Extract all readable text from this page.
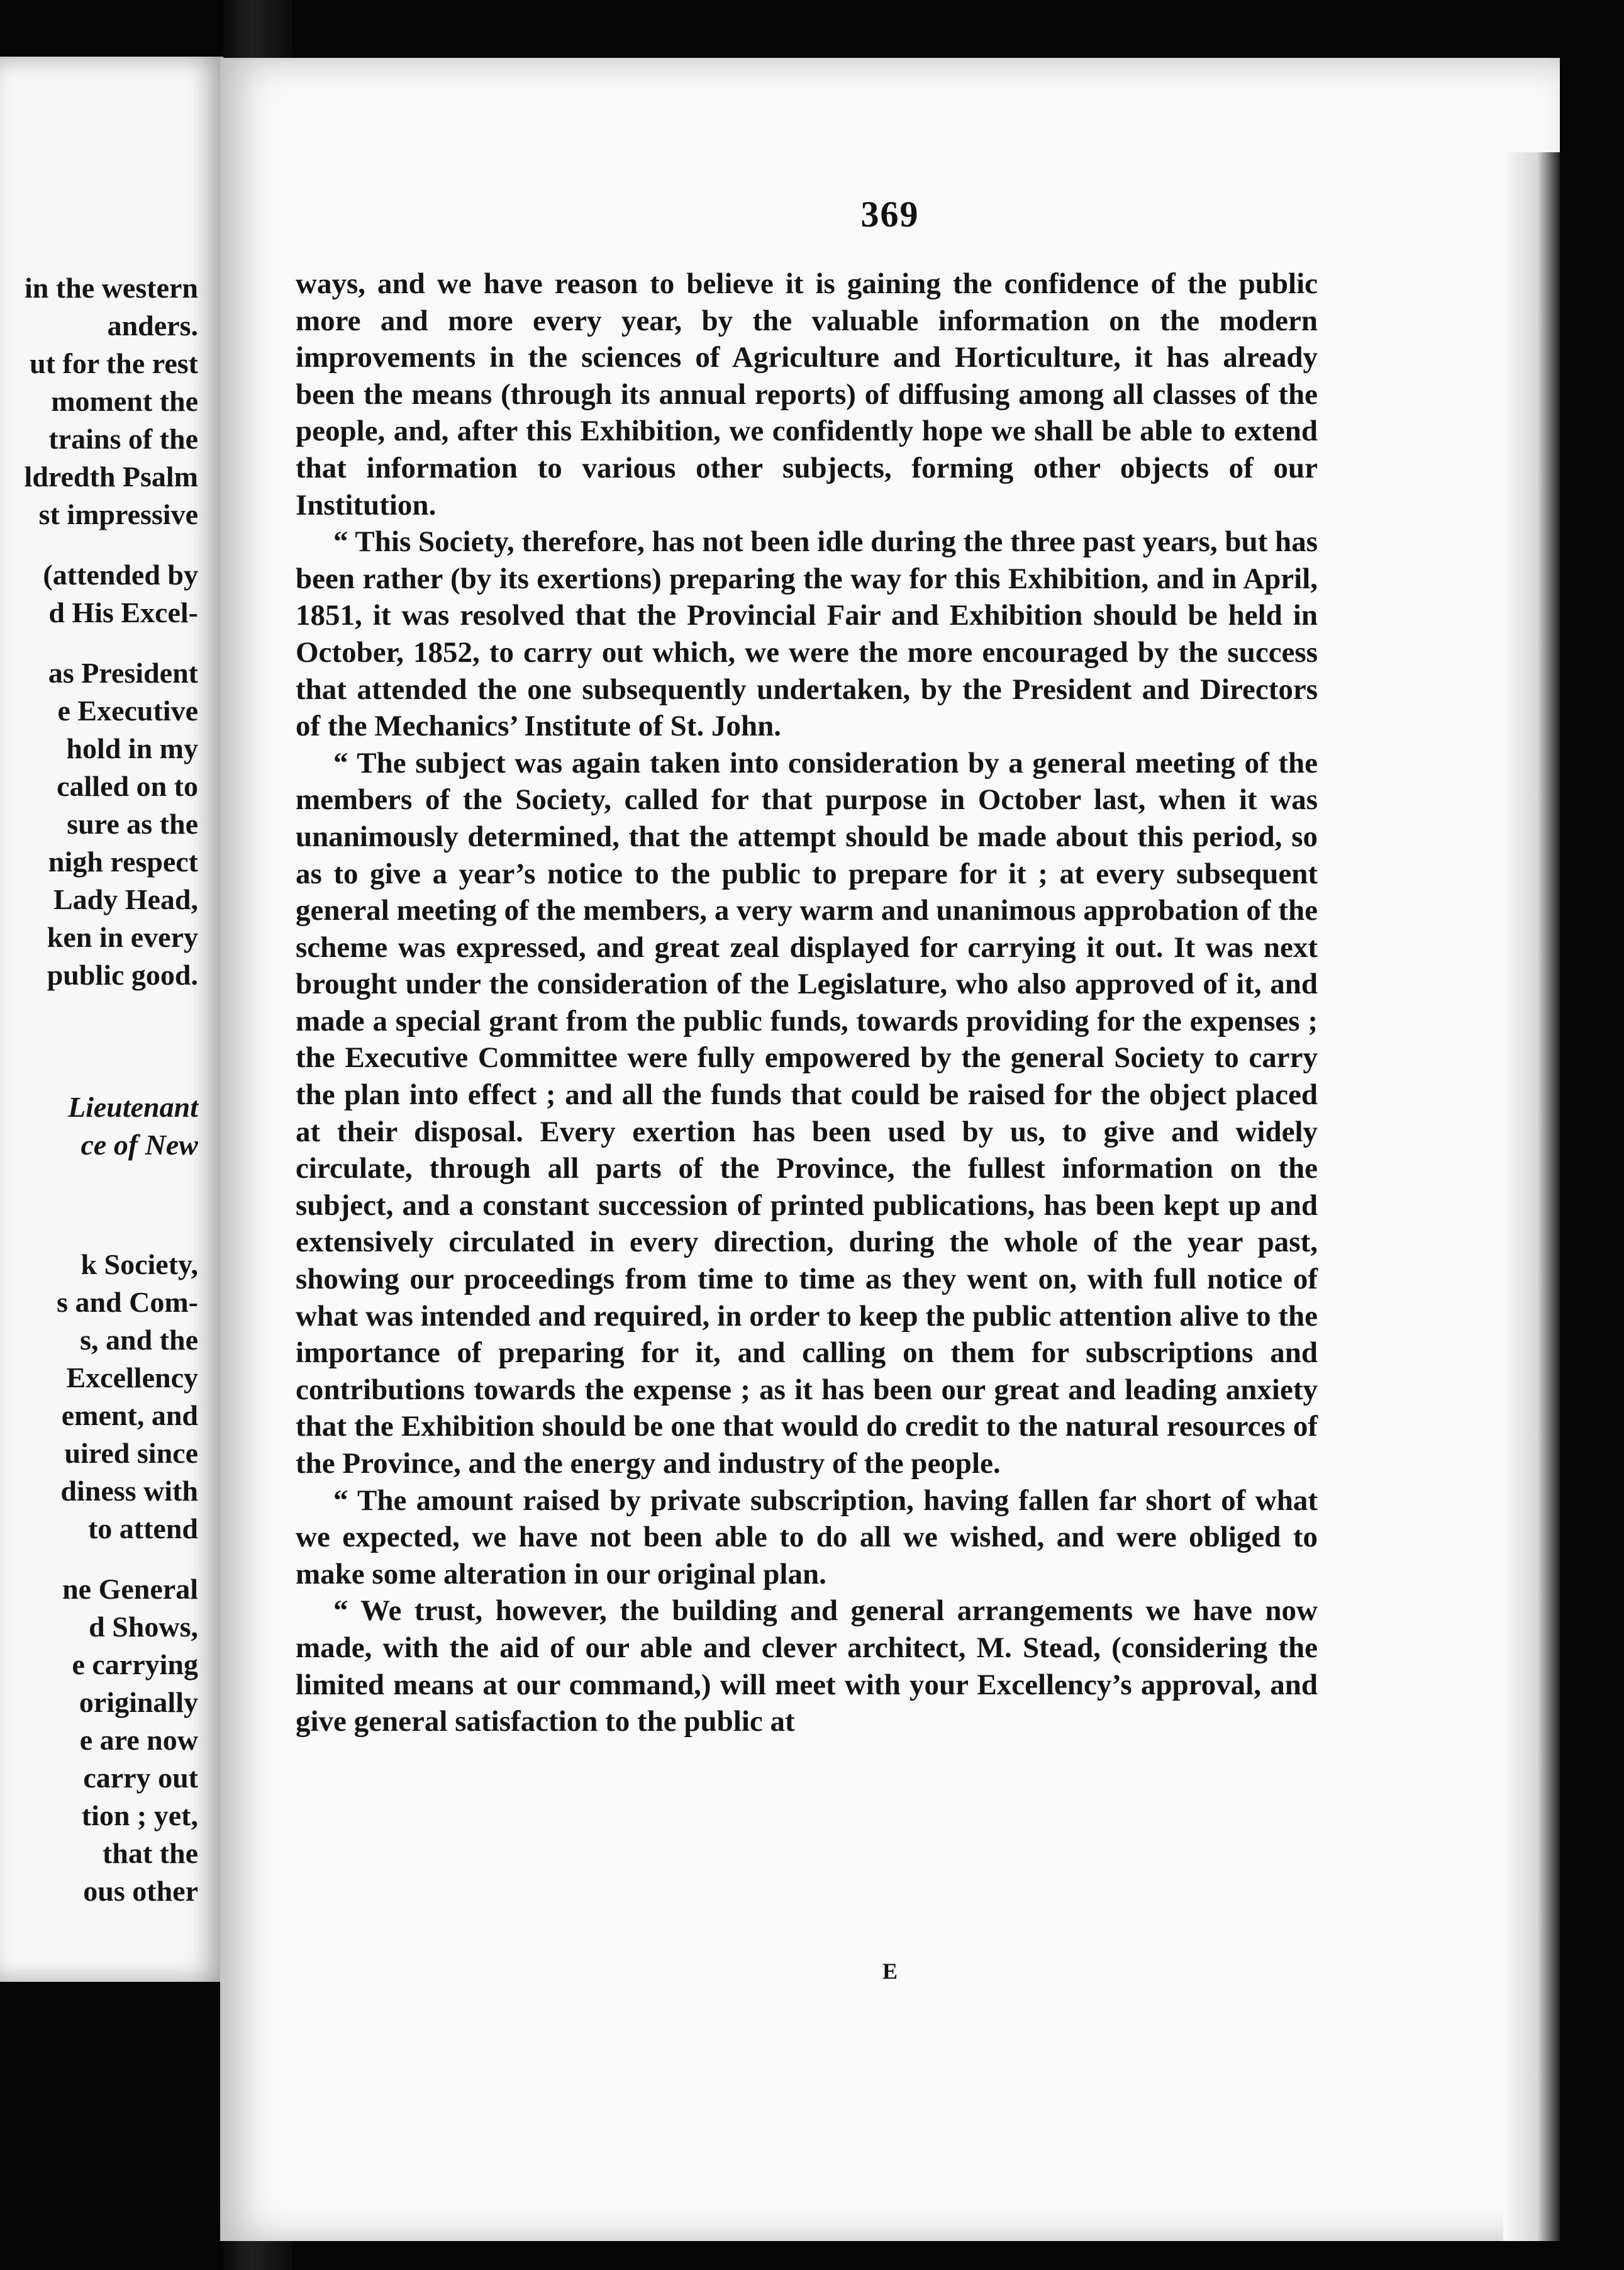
in the western
anders.
ut for the rest
moment the
trains of the
ldredth Psalm
st impressive
(attended by
d His Excel-
as President
e Executive
hold in my
called on to
sure as the
nigh respect
Lady Head,
ken in every
public good.
Lieutenant
ce of New
k Society,
s and Com-
s, and the
Excellency
ement, and
uired since
diness with
to attend
ne General
d Shows,
e carrying
originally
e are now
carry out
tion ; yet,
that the
ous other
369

ways, and we have reason to believe it is gaining the confidence of the public more and more every year, by the valuable information on the modern improvements in the sciences of Agriculture and Horticulture, it has already been the means (through its annual reports) of diffusing among all classes of the people, and, after this Exhibition, we confidently hope we shall be able to extend that information to various other subjects, forming other objects of our Institution.

“ This Society, therefore, has not been idle during the three past years, but has been rather (by its exertions) preparing the way for this Exhibition, and in April, 1851, it was resolved that the Provincial Fair and Exhibition should be held in October, 1852, to carry out which, we were the more encouraged by the success that attended the one subsequently undertaken, by the President and Directors of the Mechanics’ Institute of St. John.

“ The subject was again taken into consideration by a general meeting of the members of the Society, called for that purpose in October last, when it was unanimously determined, that the attempt should be made about this period, so as to give a year’s notice to the public to prepare for it ; at every subsequent general meeting of the members, a very warm and unanimous approbation of the scheme was expressed, and great zeal displayed for carrying it out. It was next brought under the consideration of the Legislature, who also approved of it, and made a special grant from the public funds, towards providing for the expenses ; the Executive Committee were fully empowered by the general Society to carry the plan into effect ; and all the funds that could be raised for the object placed at their disposal. Every exertion has been used by us, to give and widely circulate, through all parts of the Province, the fullest information on the subject, and a constant succession of printed publications, has been kept up and extensively circulated in every direction, during the whole of the year past, showing our proceedings from time to time as they went on, with full notice of what was intended and required, in order to keep the public attention alive to the importance of preparing for it, and calling on them for subscriptions and contributions towards the expense ; as it has been our great and leading anxiety that the Exhibition should be one that would do credit to the natural resources of the Province, and the energy and industry of the people.

“ The amount raised by private subscription, having fallen far short of what we expected, we have not been able to do all we wished, and were obliged to make some alteration in our original plan.

“ We trust, however, the building and general arrangements we have now made, with the aid of our able and clever architect, M. Stead, (considering the limited means at our command,) will meet with your Excellency’s approval, and give general satisfaction to the public at

E
